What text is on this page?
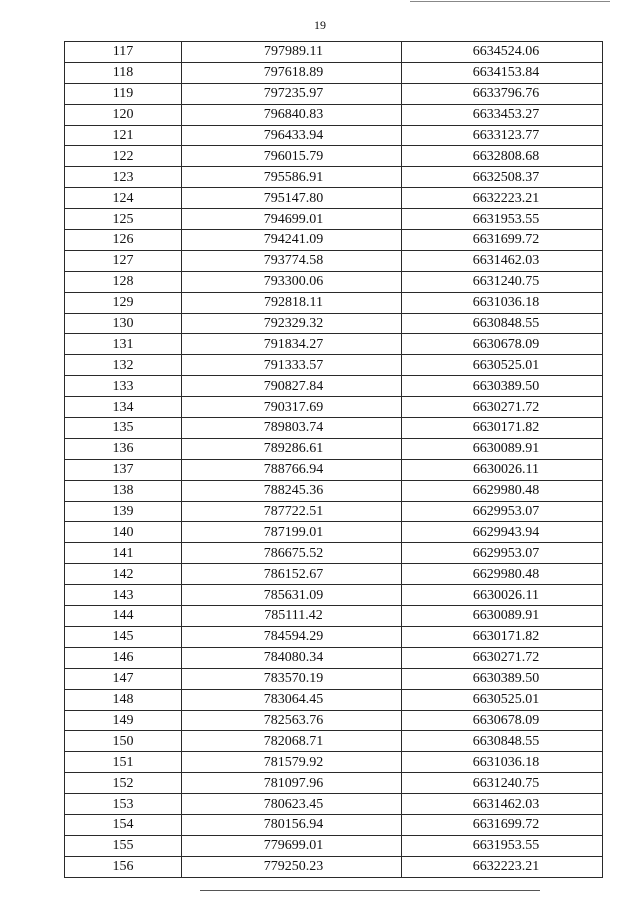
19
117	797989.11	6634524.06
118	797618.89	6634153.84
119	797235.97	6633796.76
120	796840.83	6633453.27
121	796433.94	6633123.77
122	796015.79	6632808.68
123	795586.91	6632508.37
124	795147.80	6632223.21
125	794699.01	6631953.55
126	794241.09	6631699.72
127	793774.58	6631462.03
128	793300.06	6631240.75
129	792818.11	6631036.18
130	792329.32	6630848.55
131	791834.27	6630678.09
132	791333.57	6630525.01
133	790827.84	6630389.50
134	790317.69	6630271.72
135	789803.74	6630171.82
136	789286.61	6630089.91
137	788766.94	6630026.11
138	788245.36	6629980.48
139	787722.51	6629953.07
140	787199.01	6629943.94
141	786675.52	6629953.07
142	786152.67	6629980.48
143	785631.09	6630026.11
144	785111.42	6630089.91
145	784594.29	6630171.82
146	784080.34	6630271.72
147	783570.19	6630389.50
148	783064.45	6630525.01
149	782563.76	6630678.09
150	782068.71	6630848.55
151	781579.92	6631036.18
152	781097.96	6631240.75
153	780623.45	6631462.03
154	780156.94	6631699.72
155	779699.01	6631953.55
156	779250.23	6632223.21
